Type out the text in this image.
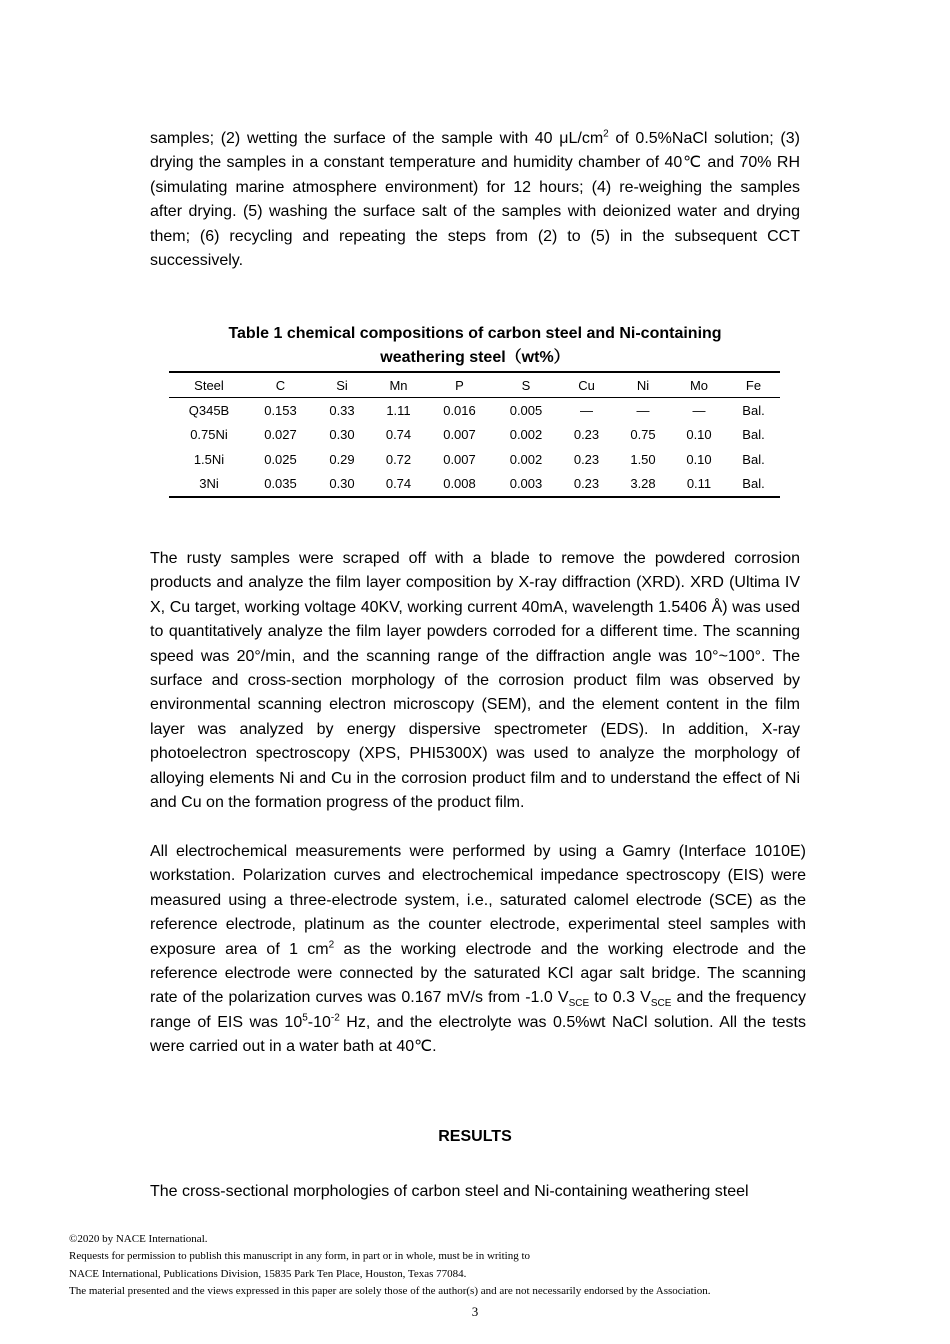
samples; (2) wetting the surface of the sample with 40 $\mu L/cm^2$ of 0.5%NaCl solution; (3) drying the samples in a constant temperature and humidity chamber of 40℃ and 70% RH (simulating marine atmosphere environment) for 12 hours; (4) re-weighing the samples after drying. (5) washing the surface salt of the samples with deionized water and drying them; (6) recycling and repeating the steps from (2) to (5) in the subsequent CCT successively.

Table 1 chemical compositions of carbon steel and Ni-containing
weathering steel（wt%）
Steel	C	Si	Mn	P	S	Cu	Ni	Mo	Fe
Q345B	0.153	0.33	1.11	0.016	0.005	—	—	—	Bal.
0.75Ni	0.027	0.30	0.74	0.007	0.002	0.23	0.75	0.10	Bal.
1.5Ni	0.025	0.29	0.72	0.007	0.002	0.23	1.50	0.10	Bal.
3Ni	0.035	0.30	0.74	0.008	0.003	0.23	3.28	0.11	Bal.

The rusty samples were scraped off with a blade to remove the powdered corrosion products and analyze the film layer composition by X-ray diffraction (XRD). XRD (Ultima IV X, Cu target, working voltage 40KV, working current 40mA, wavelength 1.5406 Å) was used to quantitatively analyze the film layer powders corroded for a different time. The scanning speed was 20°/min, and the scanning range of the diffraction angle was 10°~100°. The surface and cross-section morphology of the corrosion product film was observed by environmental scanning electron microscopy (SEM), and the element content in the film layer was analyzed by energy dispersive spectrometer (EDS). In addition, X-ray photoelectron spectroscopy (XPS, PHI5300X) was used to analyze the morphology of alloying elements Ni and Cu in the corrosion product film and to understand the effect of Ni and Cu on the formation progress of the product film.

All electrochemical measurements were performed by using a Gamry (Interface 1010E) workstation. Polarization curves and electrochemical impedance spectroscopy (EIS) were measured using a three-electrode system, i.e., saturated calomel electrode (SCE) as the reference electrode, platinum as the counter electrode, experimental steel samples with exposure area of 1 $cm^2$ as the working electrode and the working electrode and the reference electrode were connected by the saturated KCl agar salt bridge. The scanning rate of the polarization curves was 0.167 mV/s from -1.0 $V_{SCE}$ to 0.3 $V_{SCE}$ and the frequency range of EIS was $10^5-10^{-2}$ Hz, and the electrolyte was 0.5%wt NaCl solution. All the tests were carried out in a water bath at 40℃.

RESULTS

The cross-sectional morphologies of carbon steel and Ni-containing weathering steel

©2020 by NACE International.
Requests for permission to publish this manuscript in any form, in part or in whole, must be in writing to
NACE International, Publications Division, 15835 Park Ten Place, Houston, Texas 77084.
The material presented and the views expressed in this paper are solely those of the author(s) and are not necessarily endorsed by the Association.
3
